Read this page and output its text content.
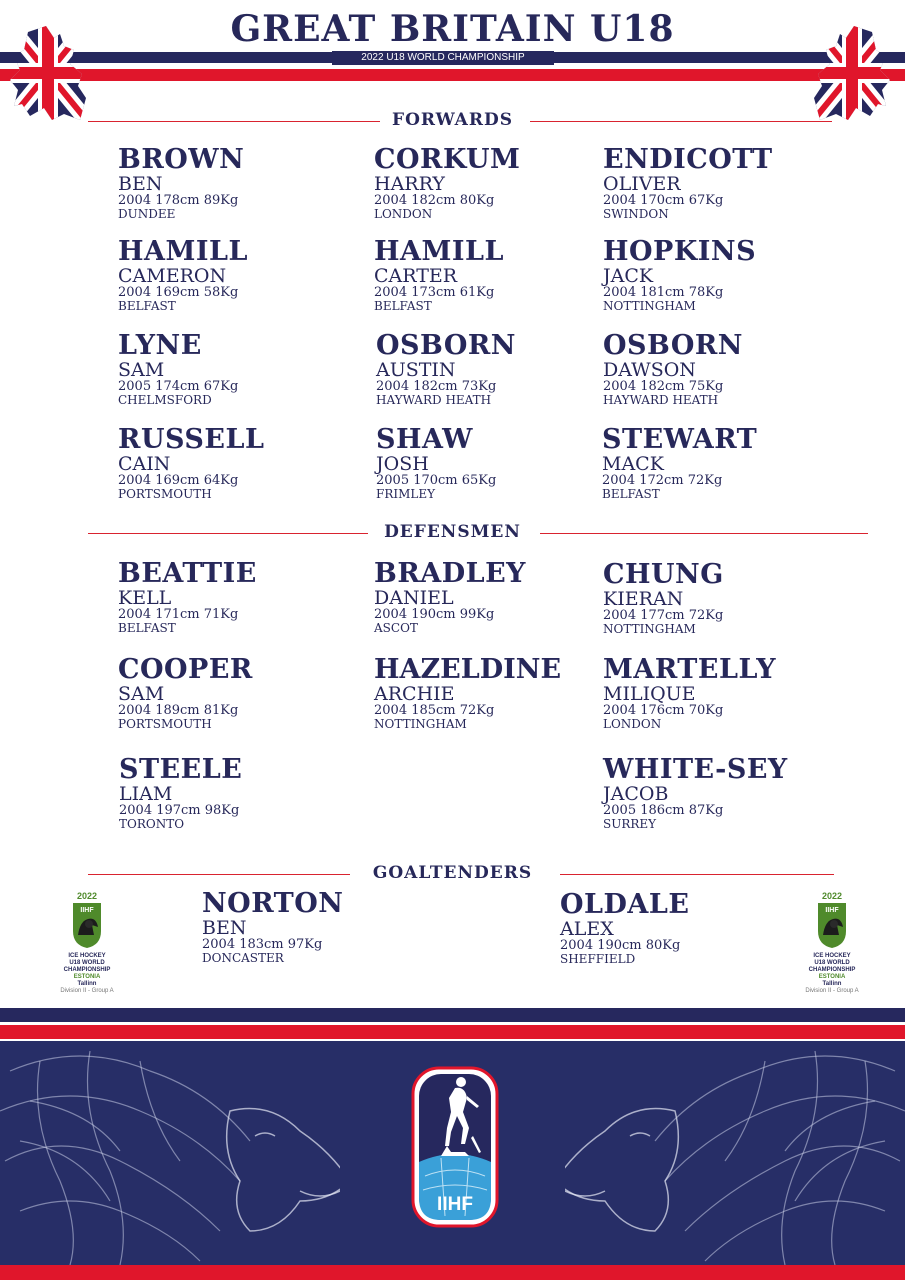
GREAT BRITAIN U18
2022 U18 WORLD CHAMPIONSHIP
FORWARDS
BROWN
BEN
2004 178cm 89Kg
DUNDEE
CORKUM
HARRY
2004 182cm 80Kg
LONDON
ENDICOTT
OLIVER
2004 170cm 67Kg
SWINDON
HAMILL
CAMERON
2004 169cm 58Kg
BELFAST
HAMILL
CARTER
2004 173cm 61Kg
BELFAST
HOPKINS
JACK
2004 181cm 78Kg
NOTTINGHAM
LYNE
SAM
2005 174cm 67Kg
CHELMSFORD
OSBORN
AUSTIN
2004 182cm 73Kg
HAYWARD HEATH
OSBORN
DAWSON
2004 182cm 75Kg
HAYWARD HEATH
RUSSELL
CAIN
2004 169cm 64Kg
PORTSMOUTH
SHAW
JOSH
2005 170cm 65Kg
FRIMLEY
STEWART
MACK
2004 172cm 72Kg
BELFAST
DEFENSMEN
BEATTIE
KELL
2004 171cm 71Kg
BELFAST
BRADLEY
DANIEL
2004 190cm 99Kg
ASCOT
CHUNG
KIERAN
2004 177cm 72Kg
NOTTINGHAM
COOPER
SAM
2004 189cm 81Kg
PORTSMOUTH
HAZELDINE
ARCHIE
2004 185cm 72Kg
NOTTINGHAM
MARTELLY
MILIQUE
2004 176cm 70Kg
LONDON
STEELE
LIAM
2004 197cm 98Kg
TORONTO
WHITE-SEY
JACOB
2005 186cm 87Kg
SURREY
GOALTENDERS
NORTON
BEN
2004 183cm 97Kg
DONCASTER
OLDALE
ALEX
2004 190cm 80Kg
SHEFFIELD
2022
IIHF
ICE HOCKEY
U18 WORLD
CHAMPIONSHIP
ESTONIA
Tallinn
Division II - Group A
2022
IIHF
ICE HOCKEY
U18 WORLD
CHAMPIONSHIP
ESTONIA
Tallinn
Division II - Group A
IIHF
